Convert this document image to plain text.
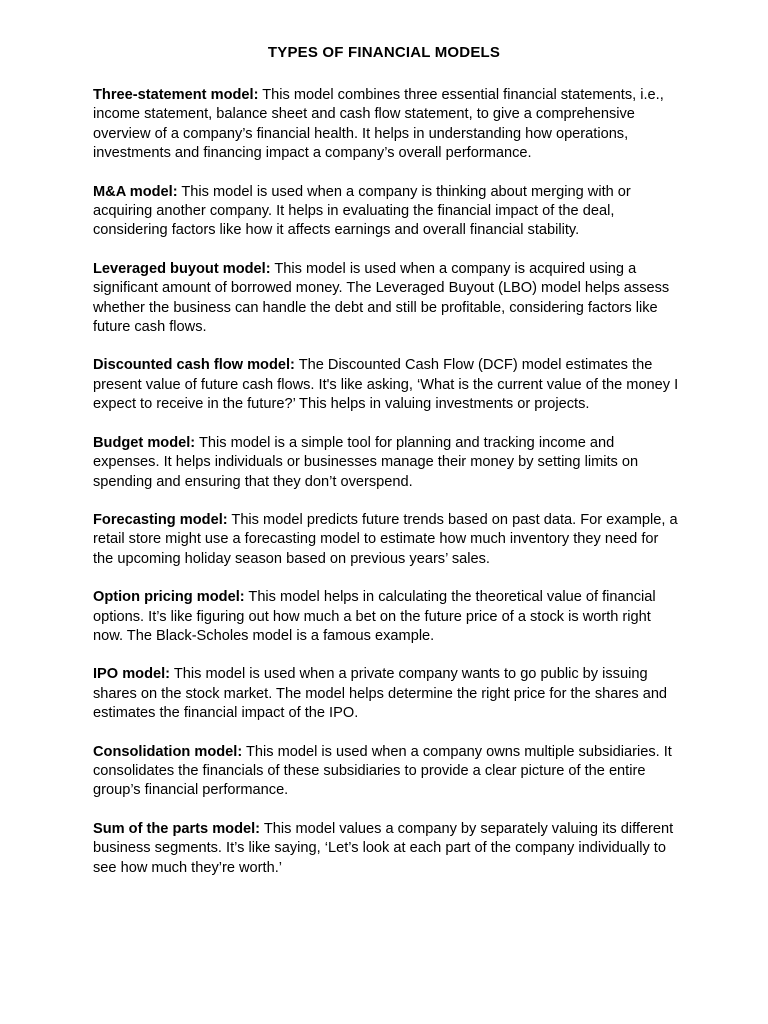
TYPES OF FINANCIAL MODELS

Three-statement model: This model combines three essential financial statements, i.e., income statement, balance sheet and cash flow statement, to give a comprehensive overview of a company’s financial health. It helps in understanding how operations, investments and financing impact a company’s overall performance.

M&A model: This model is used when a company is thinking about merging with or acquiring another company. It helps in evaluating the financial impact of the deal, considering factors like how it affects earnings and overall financial stability.

Leveraged buyout model: This model is used when a company is acquired using a significant amount of borrowed money. The Leveraged Buyout (LBO) model helps assess whether the business can handle the debt and still be profitable, considering factors like future cash flows.

Discounted cash flow model: The Discounted Cash Flow (DCF) model estimates the present value of future cash flows. It's like asking, ‘What is the current value of the money I expect to receive in the future?’ This helps in valuing investments or projects.

Budget model: This model is a simple tool for planning and tracking income and expenses. It helps individuals or businesses manage their money by setting limits on spending and ensuring that they don’t overspend.

Forecasting model: This model predicts future trends based on past data. For example, a retail store might use a forecasting model to estimate how much inventory they need for the upcoming holiday season based on previous years’ sales.

Option pricing model: This model helps in calculating the theoretical value of financial options. It’s like figuring out how much a bet on the future price of a stock is worth right now. The Black-Scholes model is a famous example.

IPO model: This model is used when a private company wants to go public by issuing shares on the stock market. The model helps determine the right price for the shares and estimates the financial impact of the IPO.

Consolidation model: This model is used when a company owns multiple subsidiaries. It consolidates the financials of these subsidiaries to provide a clear picture of the entire group’s financial performance.

Sum of the parts model: This model values a company by separately valuing its different business segments. It’s like saying, ‘Let’s look at each part of the company individually to see how much they’re worth.’
